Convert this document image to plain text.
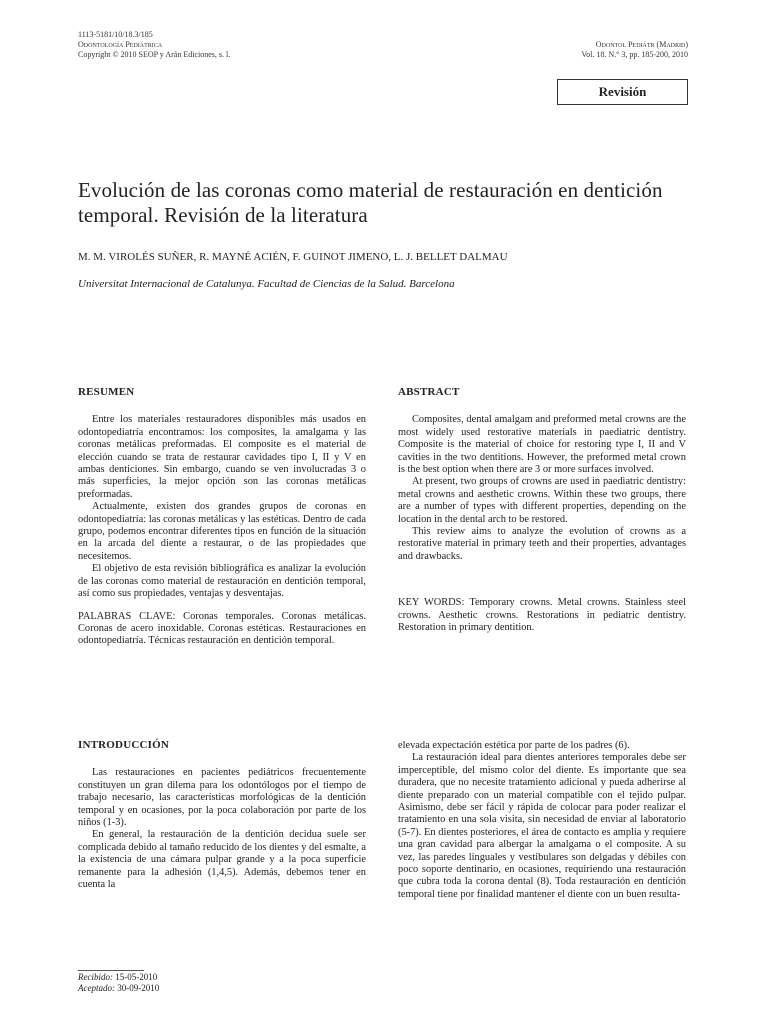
1113-5181/10/18.3/185
Odontología Pediátrica
Copyright © 2010 SEOP y Arán Ediciones, s. l.
Odontol Pediátr (Madrid)
Vol. 18. N.° 3, pp. 185-200, 2010
Revisión
Evolución de las coronas como material de restauración en dentición temporal. Revisión de la literatura
M. M. VIROLÉS SUÑER, R. MAYNÉ ACIÉN, F. GUINOT JIMENO, L. J. BELLET DALMAU
Universitat Internacional de Catalunya. Facultad de Ciencias de la Salud. Barcelona
RESUMEN

Entre los materiales restauradores disponibles más usados en odontopediatría encontramos: los composites, la amalgama y las coronas metálicas preformadas. El composite es el material de elección cuando se trata de restaurar cavidades tipo I, II y V en ambas denticiones. Sin embargo, cuando se ven involucradas 3 o más superficies, la mejor opción son las coronas metálicas preformadas.

Actualmente, existen dos grandes grupos de coronas en odontopediatría: las coronas metálicas y las estéticas. Dentro de cada grupo, podemos encontrar diferentes tipos en función de la situación en la arcada del diente a restaurar, o de las propiedades que necesitemos.

El objetivo de esta revisión bibliográfica es analizar la evolución de las coronas como material de restauración en dentición temporal, así como sus propiedades, ventajas y desventajas.

PALABRAS CLAVE: Coronas temporales. Coronas metálicas. Coronas de acero inoxidable. Coronas estéticas. Restauraciones en odontopediatría. Técnicas restauración en dentición temporal.

ABSTRACT

Composites, dental amalgam and preformed metal crowns are the most widely used restorative materials in paediatric dentistry. Composite is the material of choice for restoring type I, II and V cavities in the two dentitions. However, the preformed metal crown is the best option when there are 3 or more surfaces involved.

At present, two groups of crowns are used in paediatric dentistry: metal crowns and aesthetic crowns. Within these two groups, there are a number of types with different properties, depending on the location in the dental arch to be restored.

This review aims to analyze the evolution of crowns as a restorative material in primary teeth and their properties, advantages and drawbacks.

KEY WORDS: Temporary crowns. Metal crowns. Stainless steel crowns. Aesthetic crowns. Restorations in pediatric dentistry. Restoration in primary dentition.

INTRODUCCIÓN

Las restauraciones en pacientes pediátricos frecuentemente constituyen un gran dilema para los odontólogos por el tiempo de trabajo necesario, las características morfológicas de la dentición temporal y en ocasiones, por la poca colaboración por parte de los niños (1-3).

En general, la restauración de la dentición decidua suele ser complicada debido al tamaño reducido de los dientes y del esmalte, a la existencia de una cámara pulpar grande y a la poca superficie remanente para la adhesión (1,4,5). Además, debemos tener en cuenta la

elevada expectación estética por parte de los padres (6).

La restauración ideal para dientes anteriores temporales debe ser imperceptible, del mismo color del diente. Es importante que sea duradera, que no necesite tratamiento adicional y pueda adherirse al diente preparado con un material compatible con el tejido pulpar. Asimismo, debe ser fácil y rápida de colocar para poder realizar el tratamiento en una sola visita, sin necesidad de enviar al laboratorio (5-7). En dientes posteriores, el área de contacto es amplia y requiere una gran cavidad para albergar la amalgama o el composite. A su vez, las paredes linguales y vestibulares son delgadas y débiles con poco soporte dentinario, en ocasiones, requiriendo una restauración que cubra toda la corona dental (8). Toda restauración en dentición temporal tiene por finalidad mantener el diente con un buen resulta-

Recibido: 15-05-2010
Aceptado: 30-09-2010
